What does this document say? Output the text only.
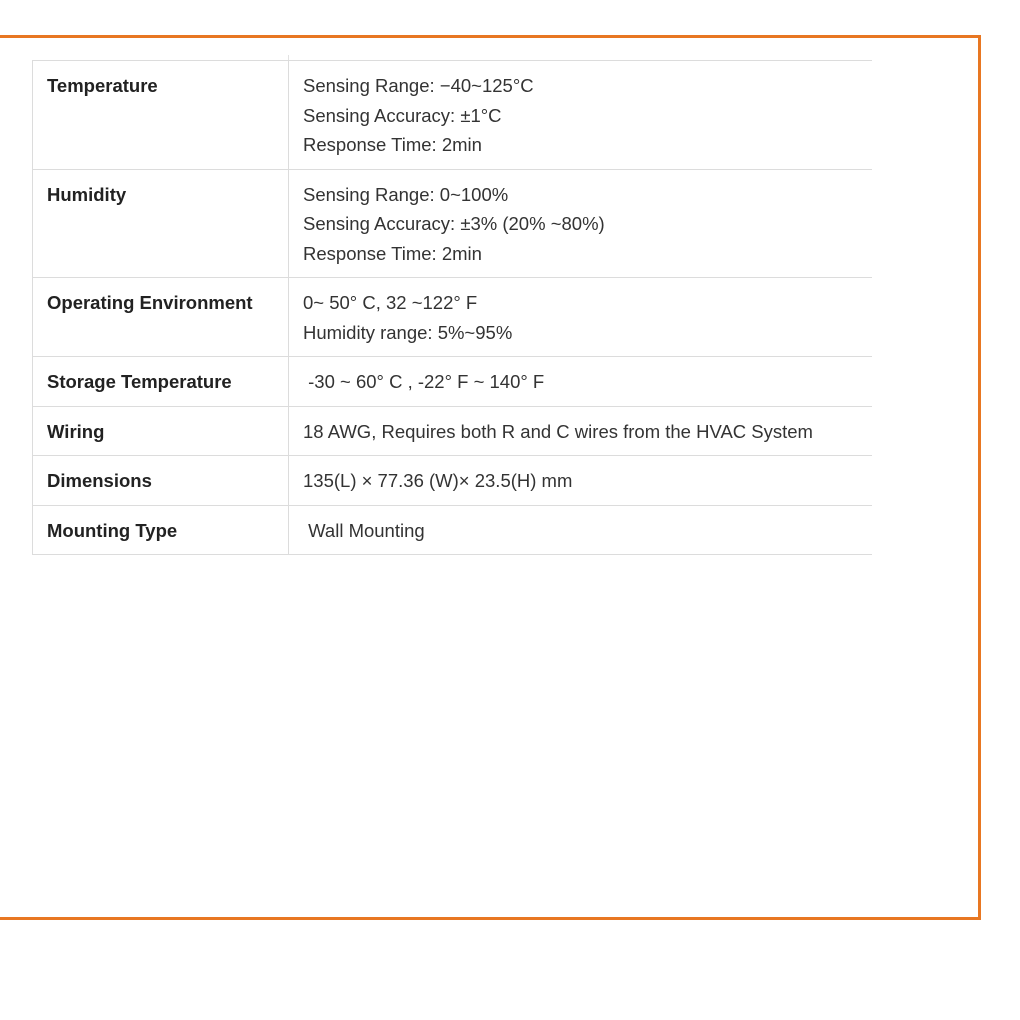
Temperature	Sensing Range: −40~125°C
Sensing Accuracy: ±1°C
Response Time: 2min

Humidity	Sensing Range: 0~100%
Sensing Accuracy: ±3% (20% ~80%)
Response Time: 2min

Operating Environment	0~ 50° C, 32 ~122° F
Humidity range: 5%~95%

Storage Temperature	-30 ~ 60° C , -22° F ~ 140° F

Wiring	18 AWG, Requires both R and C wires from the HVAC System

Dimensions	135(L) × 77.36 (W)× 23.5(H) mm

Mounting Type	Wall Mounting
